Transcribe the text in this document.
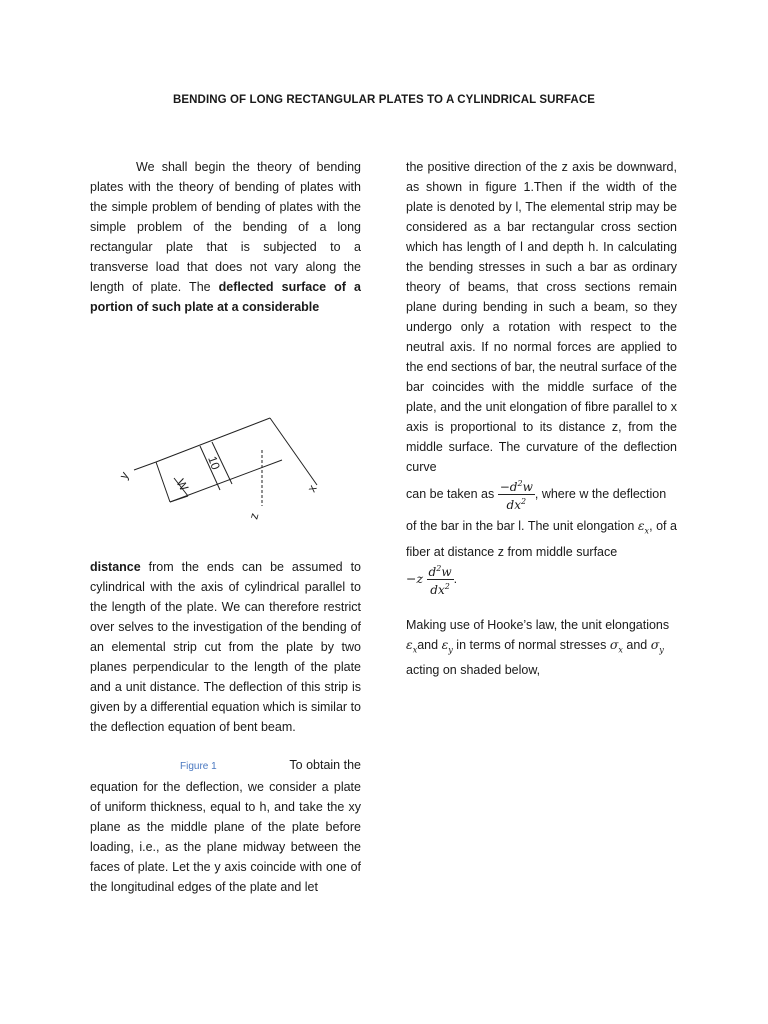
BENDING OF LONG RECTANGULAR PLATES TO A CYLINDRICAL SURFACE

We shall begin the theory of bending plates with the theory of bending of plates with the simple problem of bending of plates with the simple problem of the bending of a long rectangular plate that is subjected to a transverse load that does not vary along the length of plate. The deflected surface of a portion of such plate at a considerable

y
x
z
10
W

distance from the ends can be assumed to cylindrical with the axis of cylindrical parallel to the length of the plate. We can therefore restrict over selves to the investigation of the bending of an elemental strip cut from the plate by two planes perpendicular to the length of the plate and a unit distance. The deflection of this strip is given by a differential equation which is similar to the deflection equation of bent beam.

Figure 1	To obtain the
equation for the deflection, we consider a plate of uniform thickness, equal to h, and take the xy plane as the middle plane of the plate before loading, i.e., as the plane midway between the faces of plate. Let the y axis coincide with one of the longitudinal edges of the plate and let

the positive direction of the z axis be downward, as shown in figure 1.Then if the width of the plate is denoted by l, The elemental strip may be considered as a bar rectangular cross section which has length of l and depth h. In calculating the bending stresses in such a bar as ordinary theory of beams, that cross sections remain plane during bending in such a beam, so they undergo only a rotation with respect to the neutral axis. If no normal forces are applied to the end sections of bar, the neutral surface of the bar coincides with the middle surface of the plate, and the unit elongation of fibre parallel to x axis is proportional to its distance z, from the middle surface. The curvature of the deflection curve

can be taken as $\frac{-d^2w}{dx^2}$ , where w the deflection

of the bar in the bar l. The unit elongation $\varepsilon_x$, of a fiber at distance z from middle surface

$-z \frac{d^2w}{dx^2}$ .

Making use of Hooke’s law, the unit elongations $\varepsilon_xand$ $\varepsilon_y$ in terms of normal stresses $\sigma_x$ and $\sigma_y$
acting on shaded below,
